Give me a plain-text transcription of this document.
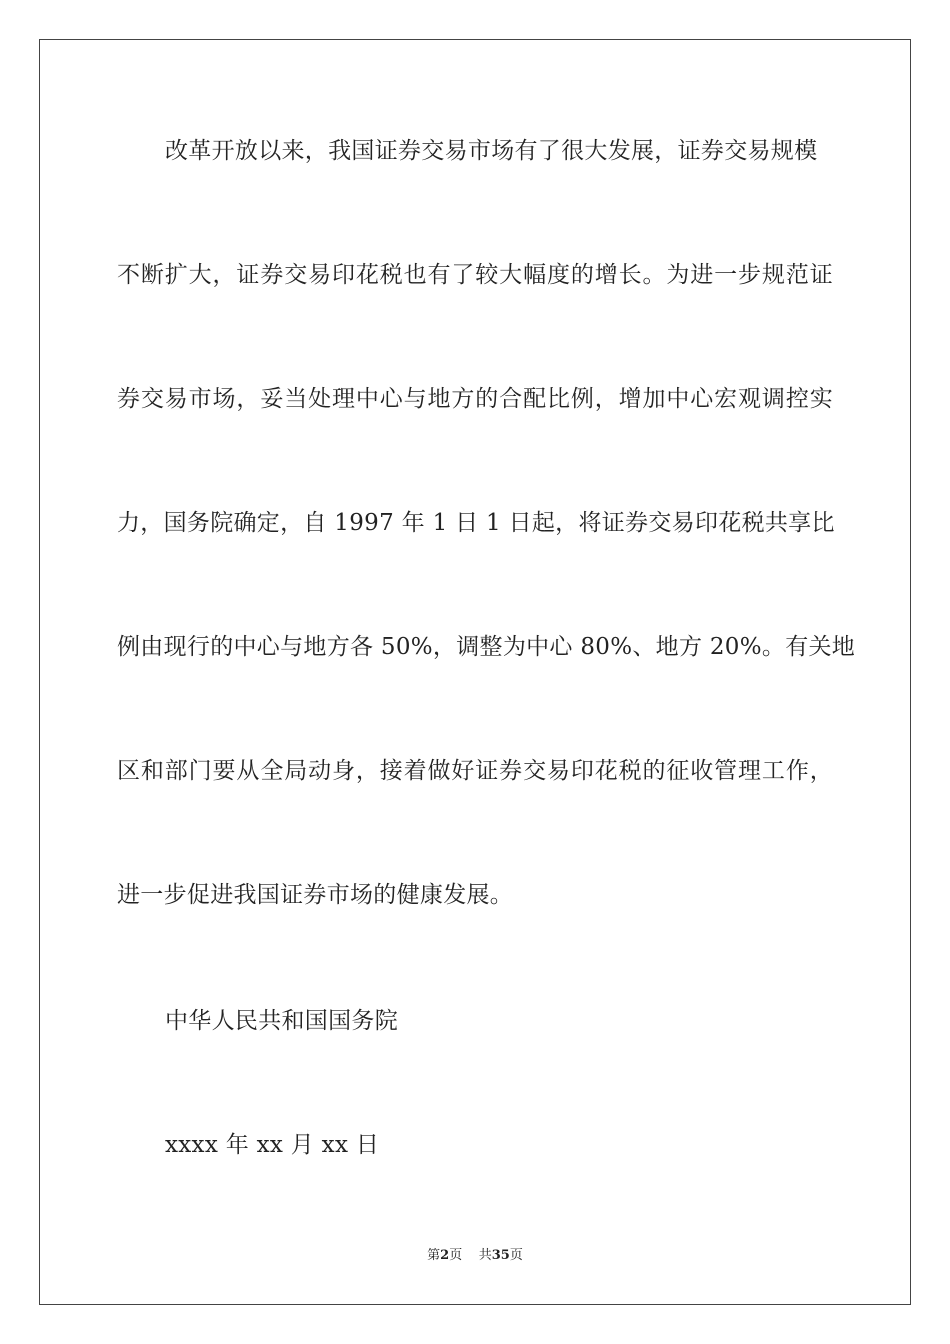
改革开放以来，我国证券交易市场有了很大发展，证券交易规模
不断扩大，证券交易印花税也有了较大幅度的增长。为进一步规范证
券交易市场，妥当处理中心与地方的合配比例，增加中心宏观调控实
力，国务院确定，自 1997 年 1 日 1 日起，将证券交易印花税共享比
例由现行的中心与地方各 50%，调整为中心 80%、地方 20%。有关地
区和部门要从全局动身，接着做好证券交易印花税的征收管理工作，
进一步促进我国证券市场的健康发展。
中华人民共和国国务院
xxxx 年 xx 月 xx 日
第2页 共35页
